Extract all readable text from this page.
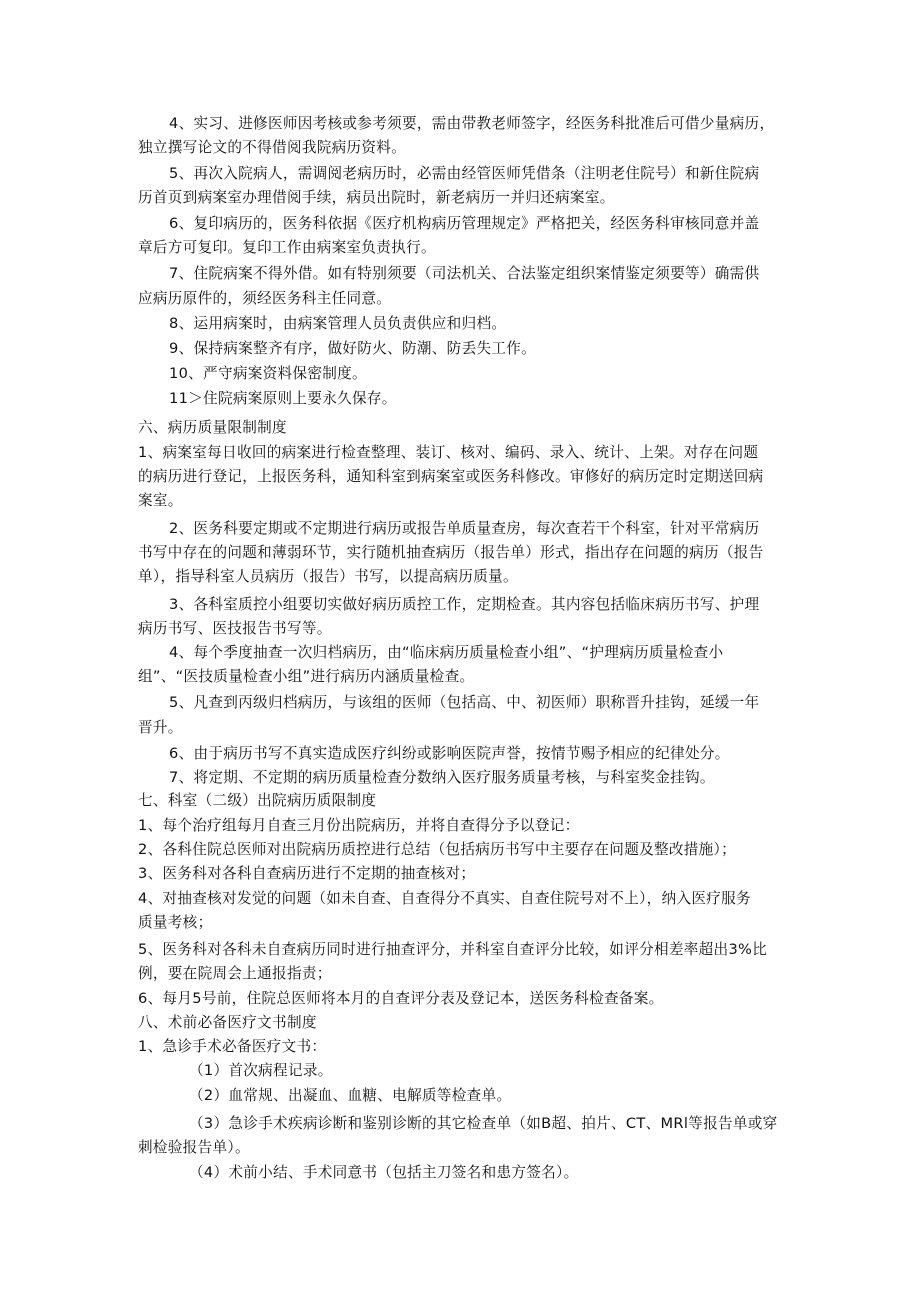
4、实习、进修医师因考核或参考须要，需由带教老师签字，经医务科批准后可借少量病历，
独立撰写论文的不得借阅我院病历资料。
5、再次入院病人，需调阅老病历时，必需由经管医师凭借条（注明老住院号）和新住院病
历首页到病案室办理借阅手续，病员出院时，新老病历一并归还病案室。
6、复印病历的，医务科依据《医疗机构病历管理规定》严格把关，经医务科审核同意并盖
章后方可复印。复印工作由病案室负责执行。
7、住院病案不得外借。如有特别须要（司法机关、合法鉴定组织案情鉴定须要等）确需供
应病历原件的，须经医务科主任同意。
8、运用病案时，由病案管理人员负责供应和归档。
9、保持病案整齐有序，做好防火、防潮、防丢失工作。
10、严守病案资料保密制度。
11＞住院病案原则上要永久保存。
六、病历质量限制制度
1、病案室每日收回的病案进行检查整理、装订、核对、编码、录入、统计、上架。对存在问题
的病历进行登记，上报医务科，通知科室到病案室或医务科修改。审修好的病历定时定期送回病
案室。
2、医务科要定期或不定期进行病历或报告单质量查房，每次查若干个科室，针对平常病历
书写中存在的问题和薄弱环节，实行随机抽查病历（报告单）形式，指出存在问题的病历（报告
单），指导科室人员病历（报告）书写，以提高病历质量。
3、各科室质控小组要切实做好病历质控工作，定期检查。其内容包括临床病历书写、护理
病历书写、医技报告书写等。
4、每个季度抽查一次归档病历，由“临床病历质量检查小组”、“护理病历质量检查小
组”、“医技质量检查小组”进行病历内涵质量检查。
5、凡查到丙级归档病历，与该组的医师（包括高、中、初医师）职称晋升挂钩，延缓一年
晋升。
6、由于病历书写不真实造成医疗纠纷或影响医院声誉，按情节赐予相应的纪律处分。
7、将定期、不定期的病历质量检查分数纳入医疗服务质量考核，与科室奖金挂钩。
七、科室（二级）出院病历质限制度
1、每个治疗组每月自查三月份出院病历，并将自查得分予以登记：
2、各科住院总医师对出院病历质控进行总结（包括病历书写中主要存在问题及整改措施）；
3、医务科对各科自查病历进行不定期的抽查核对；
4、对抽查核对发觉的问题（如未自查、自查得分不真实、自查住院号对不上），纳入医疗服务
质量考核；
5、医务科对各科未自查病历同时进行抽查评分，并科室自查评分比较，如评分相差率超出3%比
例，要在院周会上通报指责；
6、每月5号前，住院总医师将本月的自查评分表及登记本，送医务科检查备案。
八、术前必备医疗文书制度
1、急诊手术必备医疗文书：
（1）首次病程记录。
（2）血常规、出凝血、血糖、电解质等检查单。
（3）急诊手术疾病诊断和鉴别诊断的其它检查单（如B超、拍片、CT、MRl等报告单或穿
刺检验报告单）。
（4）术前小结、手术同意书（包括主刀签名和患方签名）。
